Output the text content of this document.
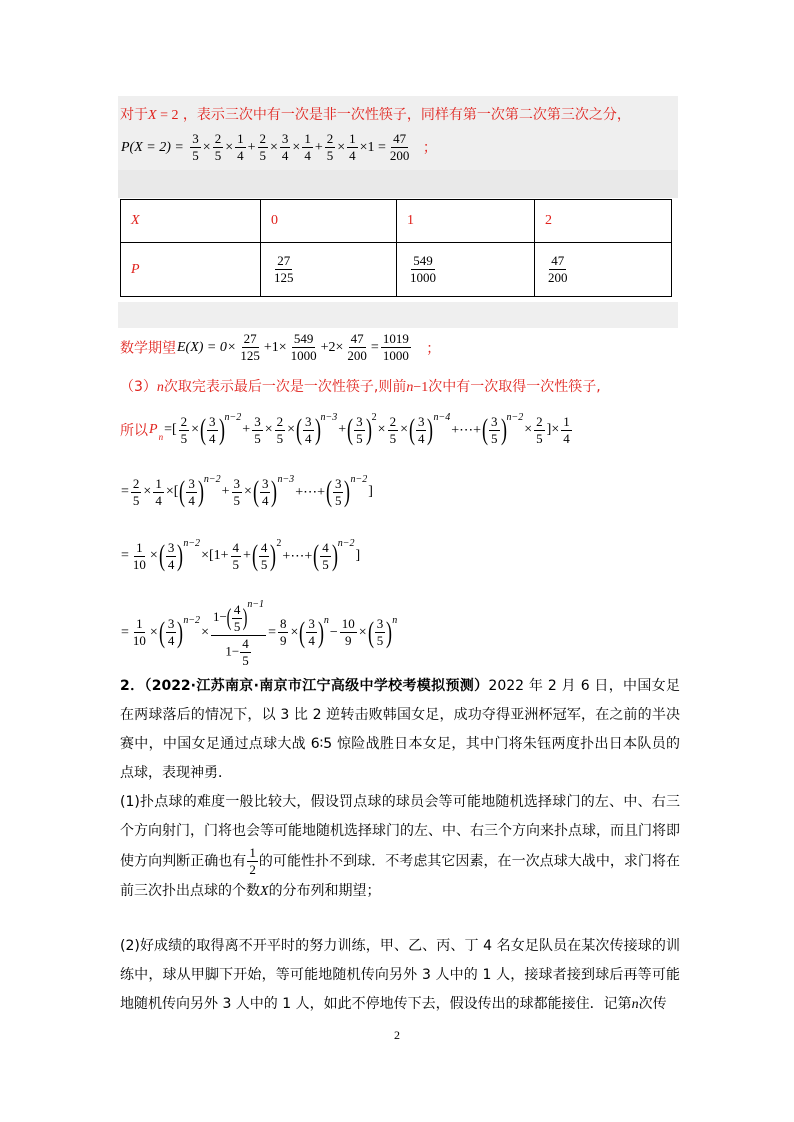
对于X = 2 ，表示三次中有一次是非一次性筷子，同样有第一次第二次第三次之分，
$P(X = 2) = \frac{3}{5} \times \frac{2}{5} \times \frac{1}{4} + \frac{2}{5} \times \frac{3}{4} \times \frac{1}{4} + \frac{2}{5} \times \frac{1}{4} \times 1 = \frac{47}{200}$ ；
X	0	1	2
P	$\frac{27}{125}$	$\frac{549}{1000}$	$\frac{47}{200}$
数学期望$E(X) = 0\times \frac{27}{125} +1\times \frac{549}{1000} +2\times \frac{47}{200} = \frac{1019}{1000}$ ；
（3）n次取完表示最后一次是一次性筷子,则前n−1次中有一次取得一次性筷子,
所以$P_n=[ \frac{2}{5}$ ×( $\frac{3}{4} )^{n-2}+ \frac{3}{5} \times \frac{2}{5}$ ×( $\frac{3}{4} )^{n-3}+( \frac{3}{5} )^2\times \frac{2}{5}$ ×( $\frac{3}{4}$ )$^{n-4}$+⋯+( $\frac{3}{5} )^{n-2}\times \frac{2}{5}$ ]× $\frac{1}{4}$
= $\frac{2}{5} \times \frac{1}{4}$ ×[( $\frac{3}{4} )^{n-2}+ \frac{3}{5}$ ×( $\frac{3}{4}$ )$^{n-3}$+⋯+( $\frac{3}{5} )^{n-2}$]
= $\frac{1}{10}$ ×( $\frac{3}{4} )^{n-2}\times[1+ \frac{4}{5}$ +( $\frac{4}{5}$ )$^2$+⋯+( $\frac{4}{5} )^{n-2}$]
= $\frac{1}{10}$ ×( $\frac{3}{4} )^{n-2}\times \frac{1-( \frac{4}{5} )^{n-1}}{1- \frac{4}{5}} = \frac{8}{9}$ ×( $\frac{3}{4} )^n- \frac{10}{9}$ ×( $\frac{3}{5} )^n$
2．（2022·江苏南京·南京市江宁高级中学校考模拟预测）2022 年 2 月 6 日，中国女足在两球落后的情况下，以 3 比 2 逆转击败韩国女足，成功夺得亚洲杯冠军，在之前的半决赛中，中国女足通过点球大战 6∶5 惊险战胜日本女足，其中门将朱钰两度扑出日本队员的点球，表现神勇．
(1)扑点球的难度一般比较大，假设罚点球的球员会等可能地随机选择球门的左、中、右三个方向射门，门将也会等可能地随机选择球门的左、中、右三个方向来扑点球，而且门将即使方向判断正确也有 $\frac{1}{2}$ 的可能性扑不到球．不考虑其它因素，在一次点球大战中，求门将在前三次扑出点球的个数X的分布列和期望；
(2)好成绩的取得离不开平时的努力训练，甲、乙、丙、丁 4 名女足队员在某次传接球的训练中，球从甲脚下开始，等可能地随机传向另外 3 人中的 1 人，接球者接到球后再等可能地随机传向另外 3 人中的 1 人，如此不停地传下去，假设传出的球都能接住．记第n次传
2
